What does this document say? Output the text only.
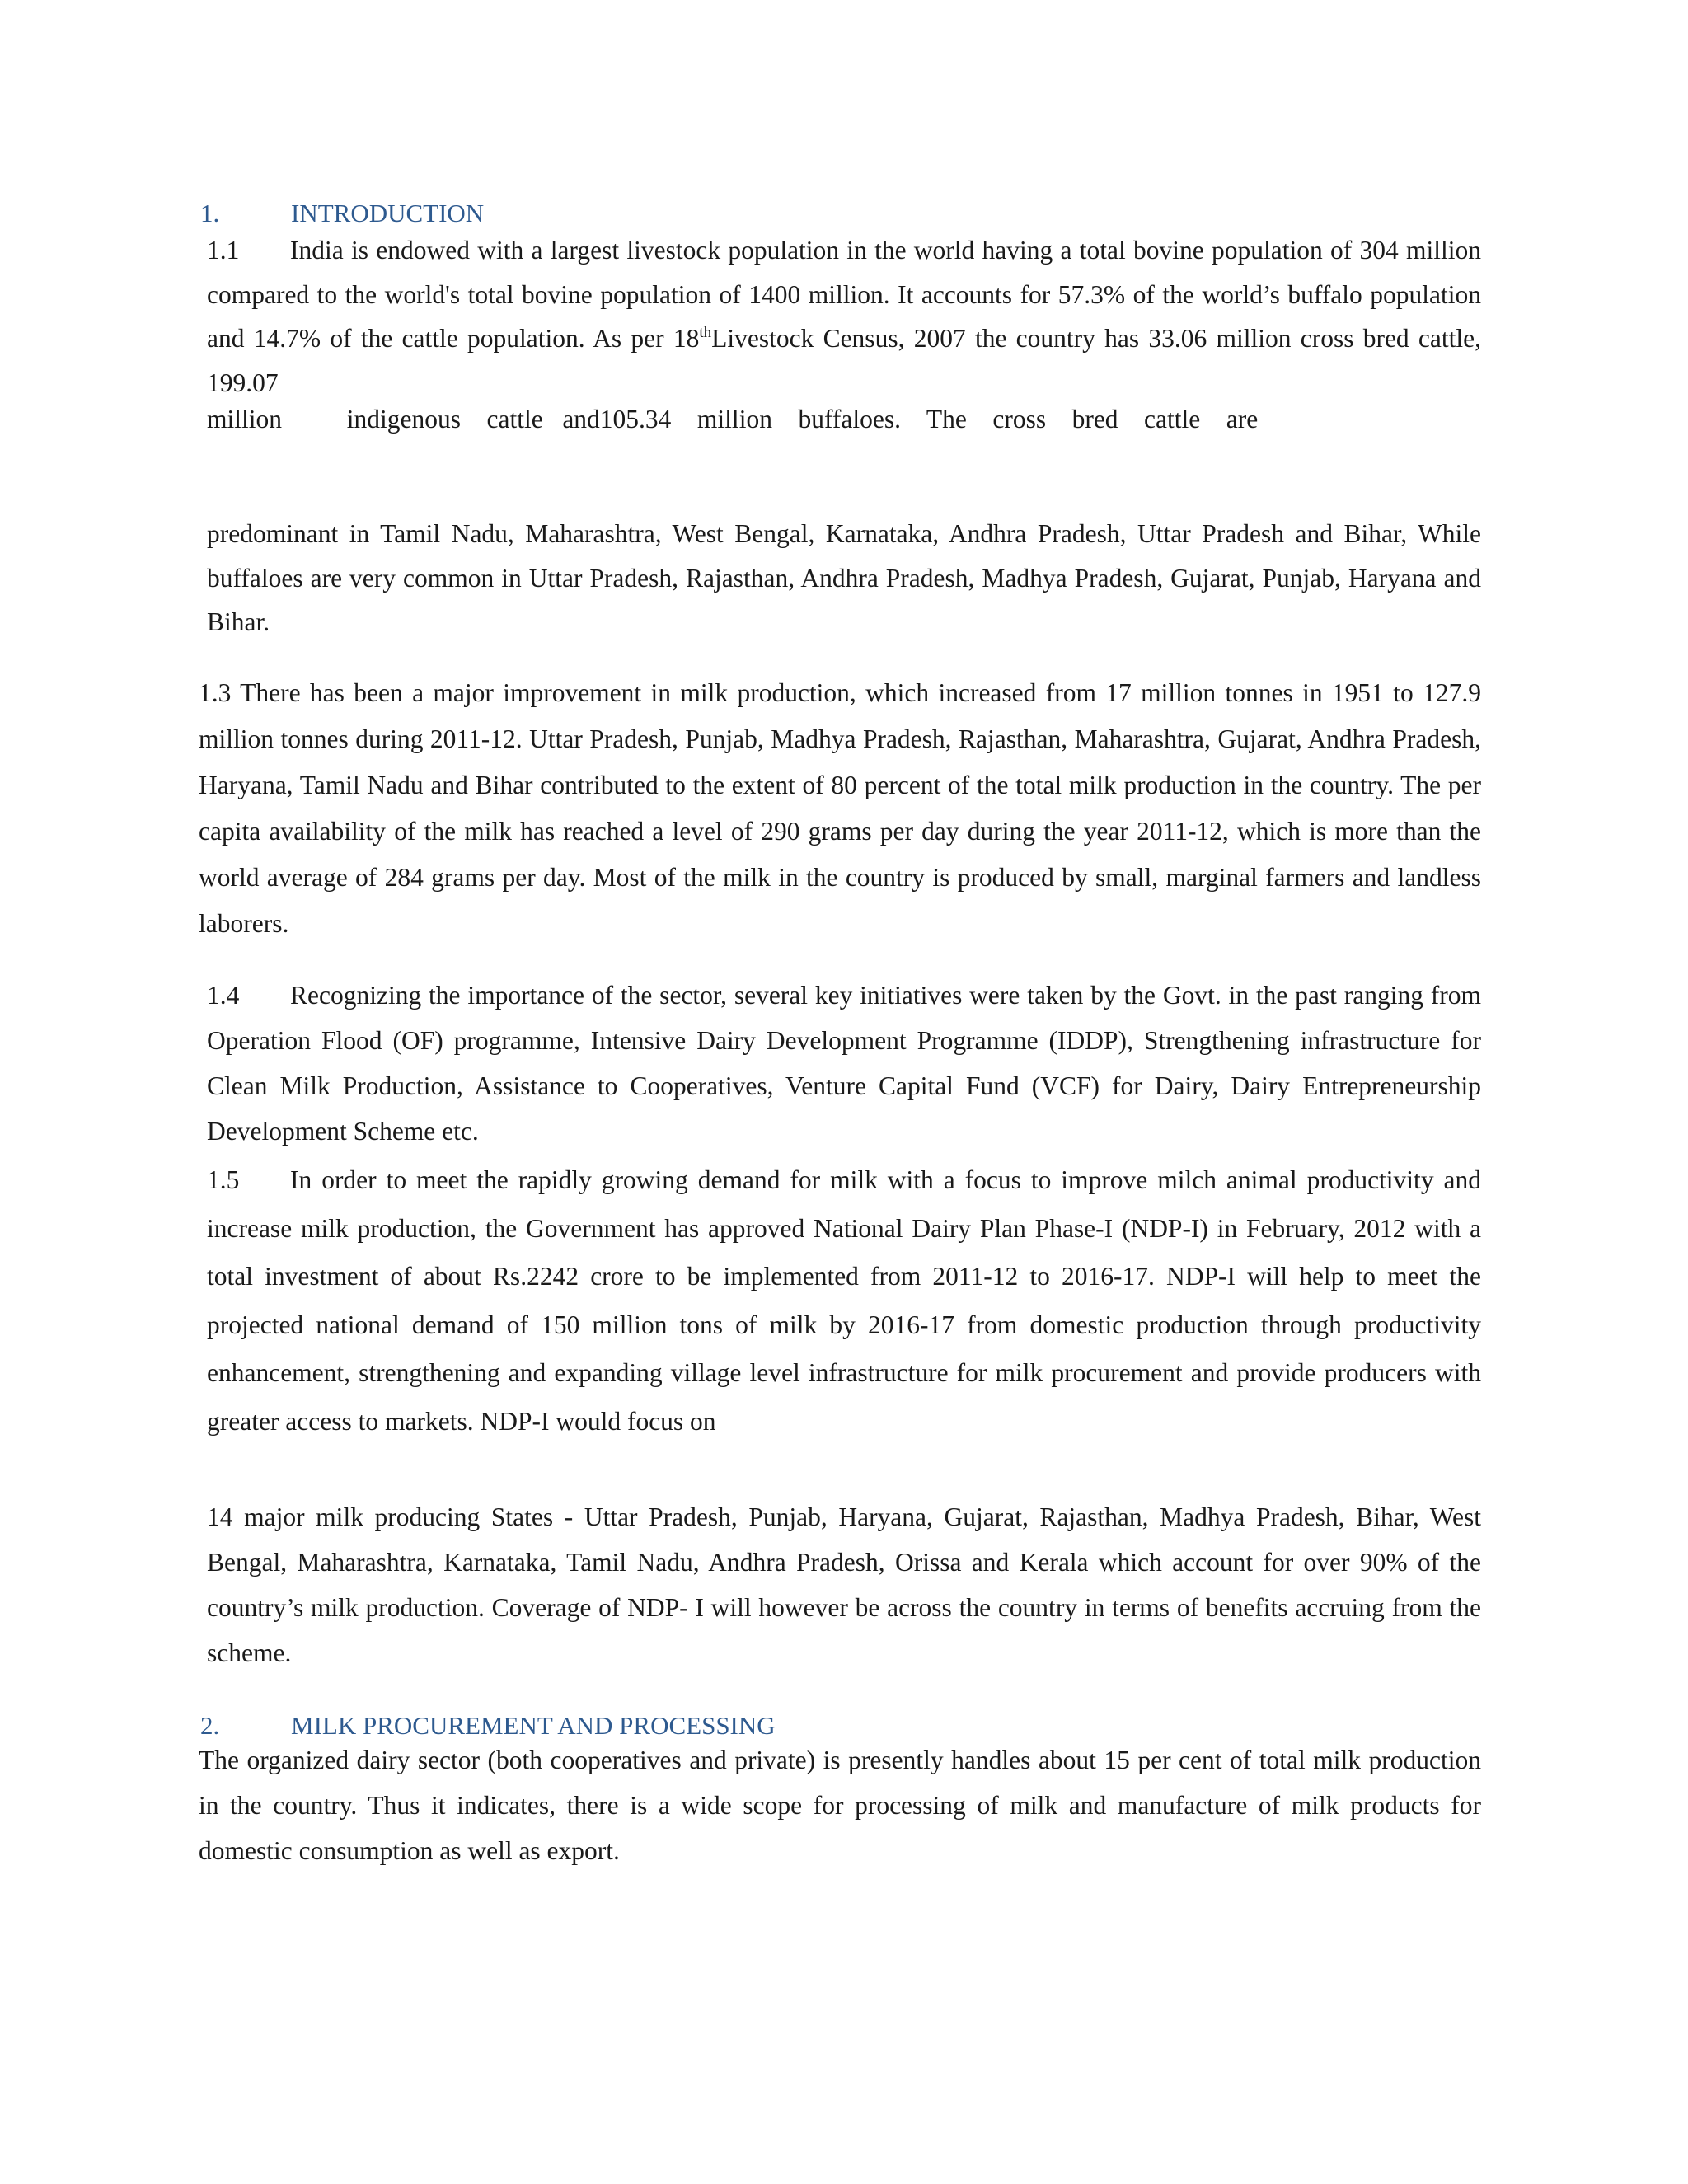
1.	INTRODUCTION
1.1 India is endowed with a largest livestock population in the world having a total bovine population of 304 million compared to the world's total bovine population of 1400 million. It accounts for 57.3% of the world’s buffalo population and 14.7% of the cattle population. As per 18thLivestock Census, 2007 the country has 33.06 million cross bred cattle, 199.07
million          indigenous    cattle   and105.34    million    buffaloes.    The    cross    bred    cattle    are
predominant in Tamil Nadu, Maharashtra, West Bengal, Karnataka, Andhra Pradesh, Uttar Pradesh and Bihar, While buffaloes are very common in Uttar Pradesh, Rajasthan, Andhra Pradesh, Madhya Pradesh, Gujarat, Punjab, Haryana and Bihar.
1.3 There has been a major improvement in milk production, which increased from 17 million tonnes in 1951 to 127.9 million tonnes during 2011-12. Uttar Pradesh, Punjab, Madhya Pradesh, Rajasthan, Maharashtra, Gujarat, Andhra Pradesh, Haryana, Tamil Nadu and Bihar contributed to the extent of 80 percent of the total milk production in the country. The per capita availability of the milk has reached a level of 290 grams per day during the year 2011-12, which is more than the world average of 284 grams per day. Most of the milk in the country is produced by small, marginal farmers and landless laborers.
1.4 Recognizing the importance of the sector, several key initiatives were taken by the Govt. in the past ranging from Operation Flood (OF) programme, Intensive Dairy Development Programme (IDDP), Strengthening infrastructure for Clean Milk Production, Assistance to Cooperatives, Venture Capital Fund (VCF) for Dairy, Dairy Entrepreneurship Development Scheme etc.
1.5 In order to meet the rapidly growing demand for milk with a focus to improve milch animal productivity and increase milk production, the Government has approved National Dairy Plan Phase-I (NDP-I) in February, 2012 with a total investment of about Rs.2242 crore to be implemented from 2011-12 to 2016-17. NDP-I will help to meet the projected national demand of 150 million tons of milk by 2016-17 from domestic production through productivity enhancement, strengthening and expanding village level infrastructure for milk procurement and provide producers with greater access to markets. NDP-I would focus on
14 major milk producing States - Uttar Pradesh, Punjab, Haryana, Gujarat, Rajasthan, Madhya Pradesh, Bihar, West Bengal, Maharashtra, Karnataka, Tamil Nadu, Andhra Pradesh, Orissa and Kerala which account for over 90% of the country’s milk production. Coverage of NDP- I will however be across the country in terms of benefits accruing from the scheme.
2.	MILK PROCUREMENT AND PROCESSING
The organized dairy sector (both cooperatives and private) is presently handles about 15 per cent of total milk production in the country. Thus it indicates, there is a wide scope for processing of milk and manufacture of milk products for domestic consumption as well as export.
